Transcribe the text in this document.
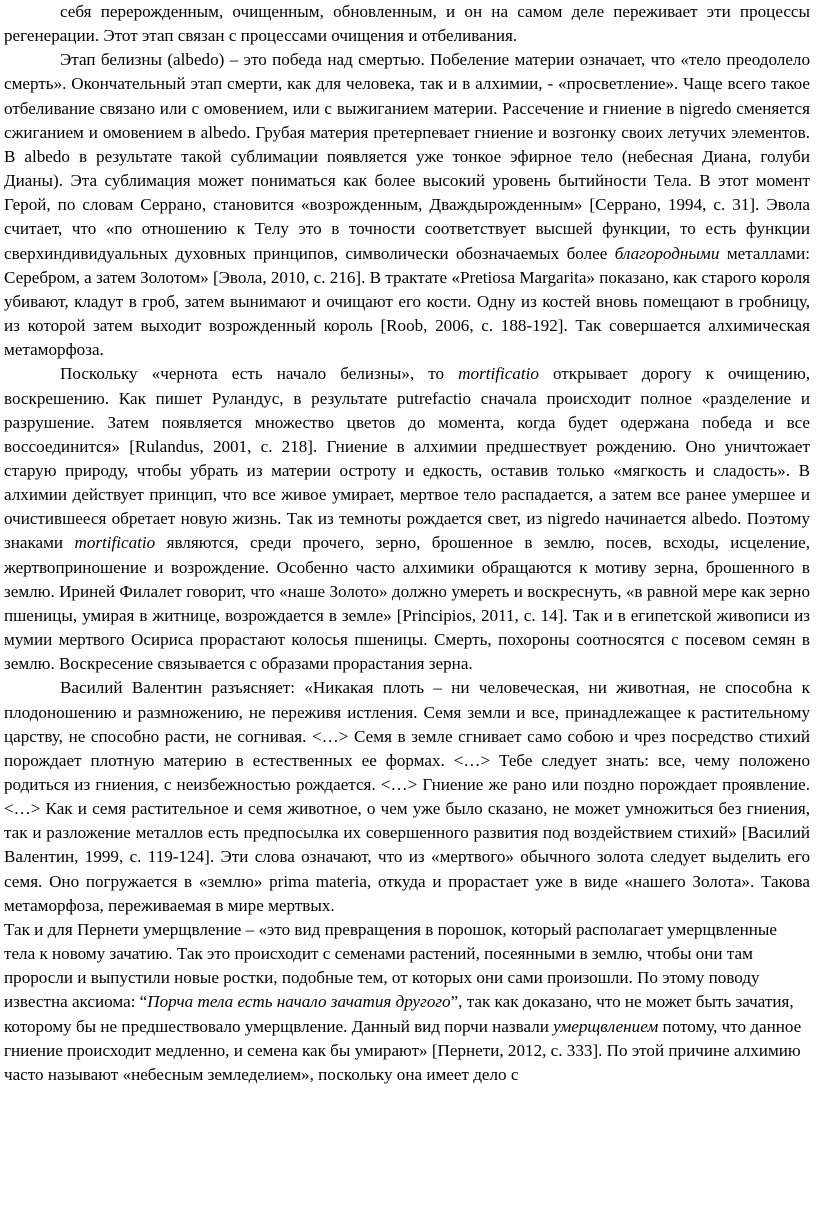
себя перерожденным, очищенным, обновленным, и он на самом деле переживает эти процессы регенерации. Этот этап связан с процессами очищения и отбеливания.

Этап белизны (albedo) – это победа над смертью. Побеление материи означает, что «тело преодолело смерть». Окончательный этап смерти, как для человека, так и в алхимии, - «просветление». Чаще всего такое отбеливание связано или с омовением, или с выжиганием материи. Рассечение и гниение в nigredo сменяется сжиганием и омовением в albedo. Грубая материя претерпевает гниение и возгонку своих летучих элементов. В albedo в результате такой сублимации появляется уже тонкое эфирное тело (небесная Диана, голуби Дианы). Эта сублимация может пониматься как более высокий уровень бытийности Тела. В этот момент Герой, по словам Серрано, становится «возрожденным, Дваждырожденным» [Серрано, 1994, с. 31]. Эвола считает, что «по отношению к Телу это в точности соответствует высшей функции, то есть функции сверхиндивидуальных духовных принципов, символически обозначаемых более благородными металлами: Серебром, а затем Золотом» [Эвола, 2010, с. 216]. В трактате «Pretiosa Margarita» показано, как старого короля убивают, кладут в гроб, затем вынимают и очищают его кости. Одну из костей вновь помещают в гробницу, из которой затем выходит возрожденный король [Roob, 2006, с. 188-192]. Так совершается алхимическая метаморфоза.

Поскольку «чернота есть начало белизны», то mortificatio открывает дорогу к очищению, воскрешению. Как пишет Руландус, в результате putrefactio сначала происходит полное «разделение и разрушение. Затем появляется множество цветов до момента, когда будет одержана победа и все воссоединится» [Rulandus, 2001, с. 218]. Гниение в алхимии предшествует рождению. Оно уничтожает старую природу, чтобы убрать из материи остроту и едкость, оставив только «мягкость и сладость». В алхимии действует принцип, что все живое умирает, мертвое тело распадается, а затем все ранее умершее и очистившееся обретает новую жизнь. Так из темноты рождается свет, из nigredo начинается albedo. Поэтому знаками mortificatio являются, среди прочего, зерно, брошенное в землю, посев, всходы, исцеление, жертвоприношение и возрождение. Особенно часто алхимики обращаются к мотиву зерна, брошенного в землю. Ириней Филалет говорит, что «наше Золото» должно умереть и воскреснуть, «в равной мере как зерно пшеницы, умирая в житнице, возрождается в земле» [Principios, 2011, с. 14]. Так и в египетской живописи из мумии мертвого Осириса прорастают колосья пшеницы. Смерть, похороны соотносятся с посевом семян в землю. Воскресение связывается с образами прорастания зерна.

Василий Валентин разъясняет: «Никакая плоть – ни человеческая, ни животная, не способна к плодоношению и размножению, не переживя истления. Семя земли и все, принадлежащее к растительному царству, не способно расти, не согнивая. <…> Семя в земле сгнивает само собою и чрез посредство стихий порождает плотную материю в естественных ее формах. <…> Тебе следует знать: все, чему положено родиться из гниения, с неизбежностью рождается. <…> Гниение же рано или поздно порождает проявление. <…> Как и семя растительное и семя животное, о чем уже было сказано, не может умножиться без гниения, так и разложение металлов есть предпосылка их совершенного развития под воздействием стихий» [Василий Валентин, 1999, с. 119-124]. Эти слова означают, что из «мертвого» обычного золота следует выделить его семя. Оно погружается в «землю» prima materia, откуда и прорастает уже в виде «нашего Золота». Такова метаморфоза, переживаемая в мире мертвых.

Так и для Пернети умерщвление – «это вид превращения в порошок, который располагает умерщвленные тела к новому зачатию. Так это происходит с семенами растений, посеянными в землю, чтобы они там проросли и выпустили новые ростки, подобные тем, от которых они сами произошли. По этому поводу известна аксиома: “Порча тела есть начало зачатия другого”, так как доказано, что не может быть зачатия, которому бы не предшествовало умерщвление. Данный вид порчи назвали умерщвлением потому, что данное гниение происходит медленно, и семена как бы умирают» [Пернети, 2012, с. 333]. По этой причине алхимию часто называют «небесным земледелием», поскольку она имеет дело с
